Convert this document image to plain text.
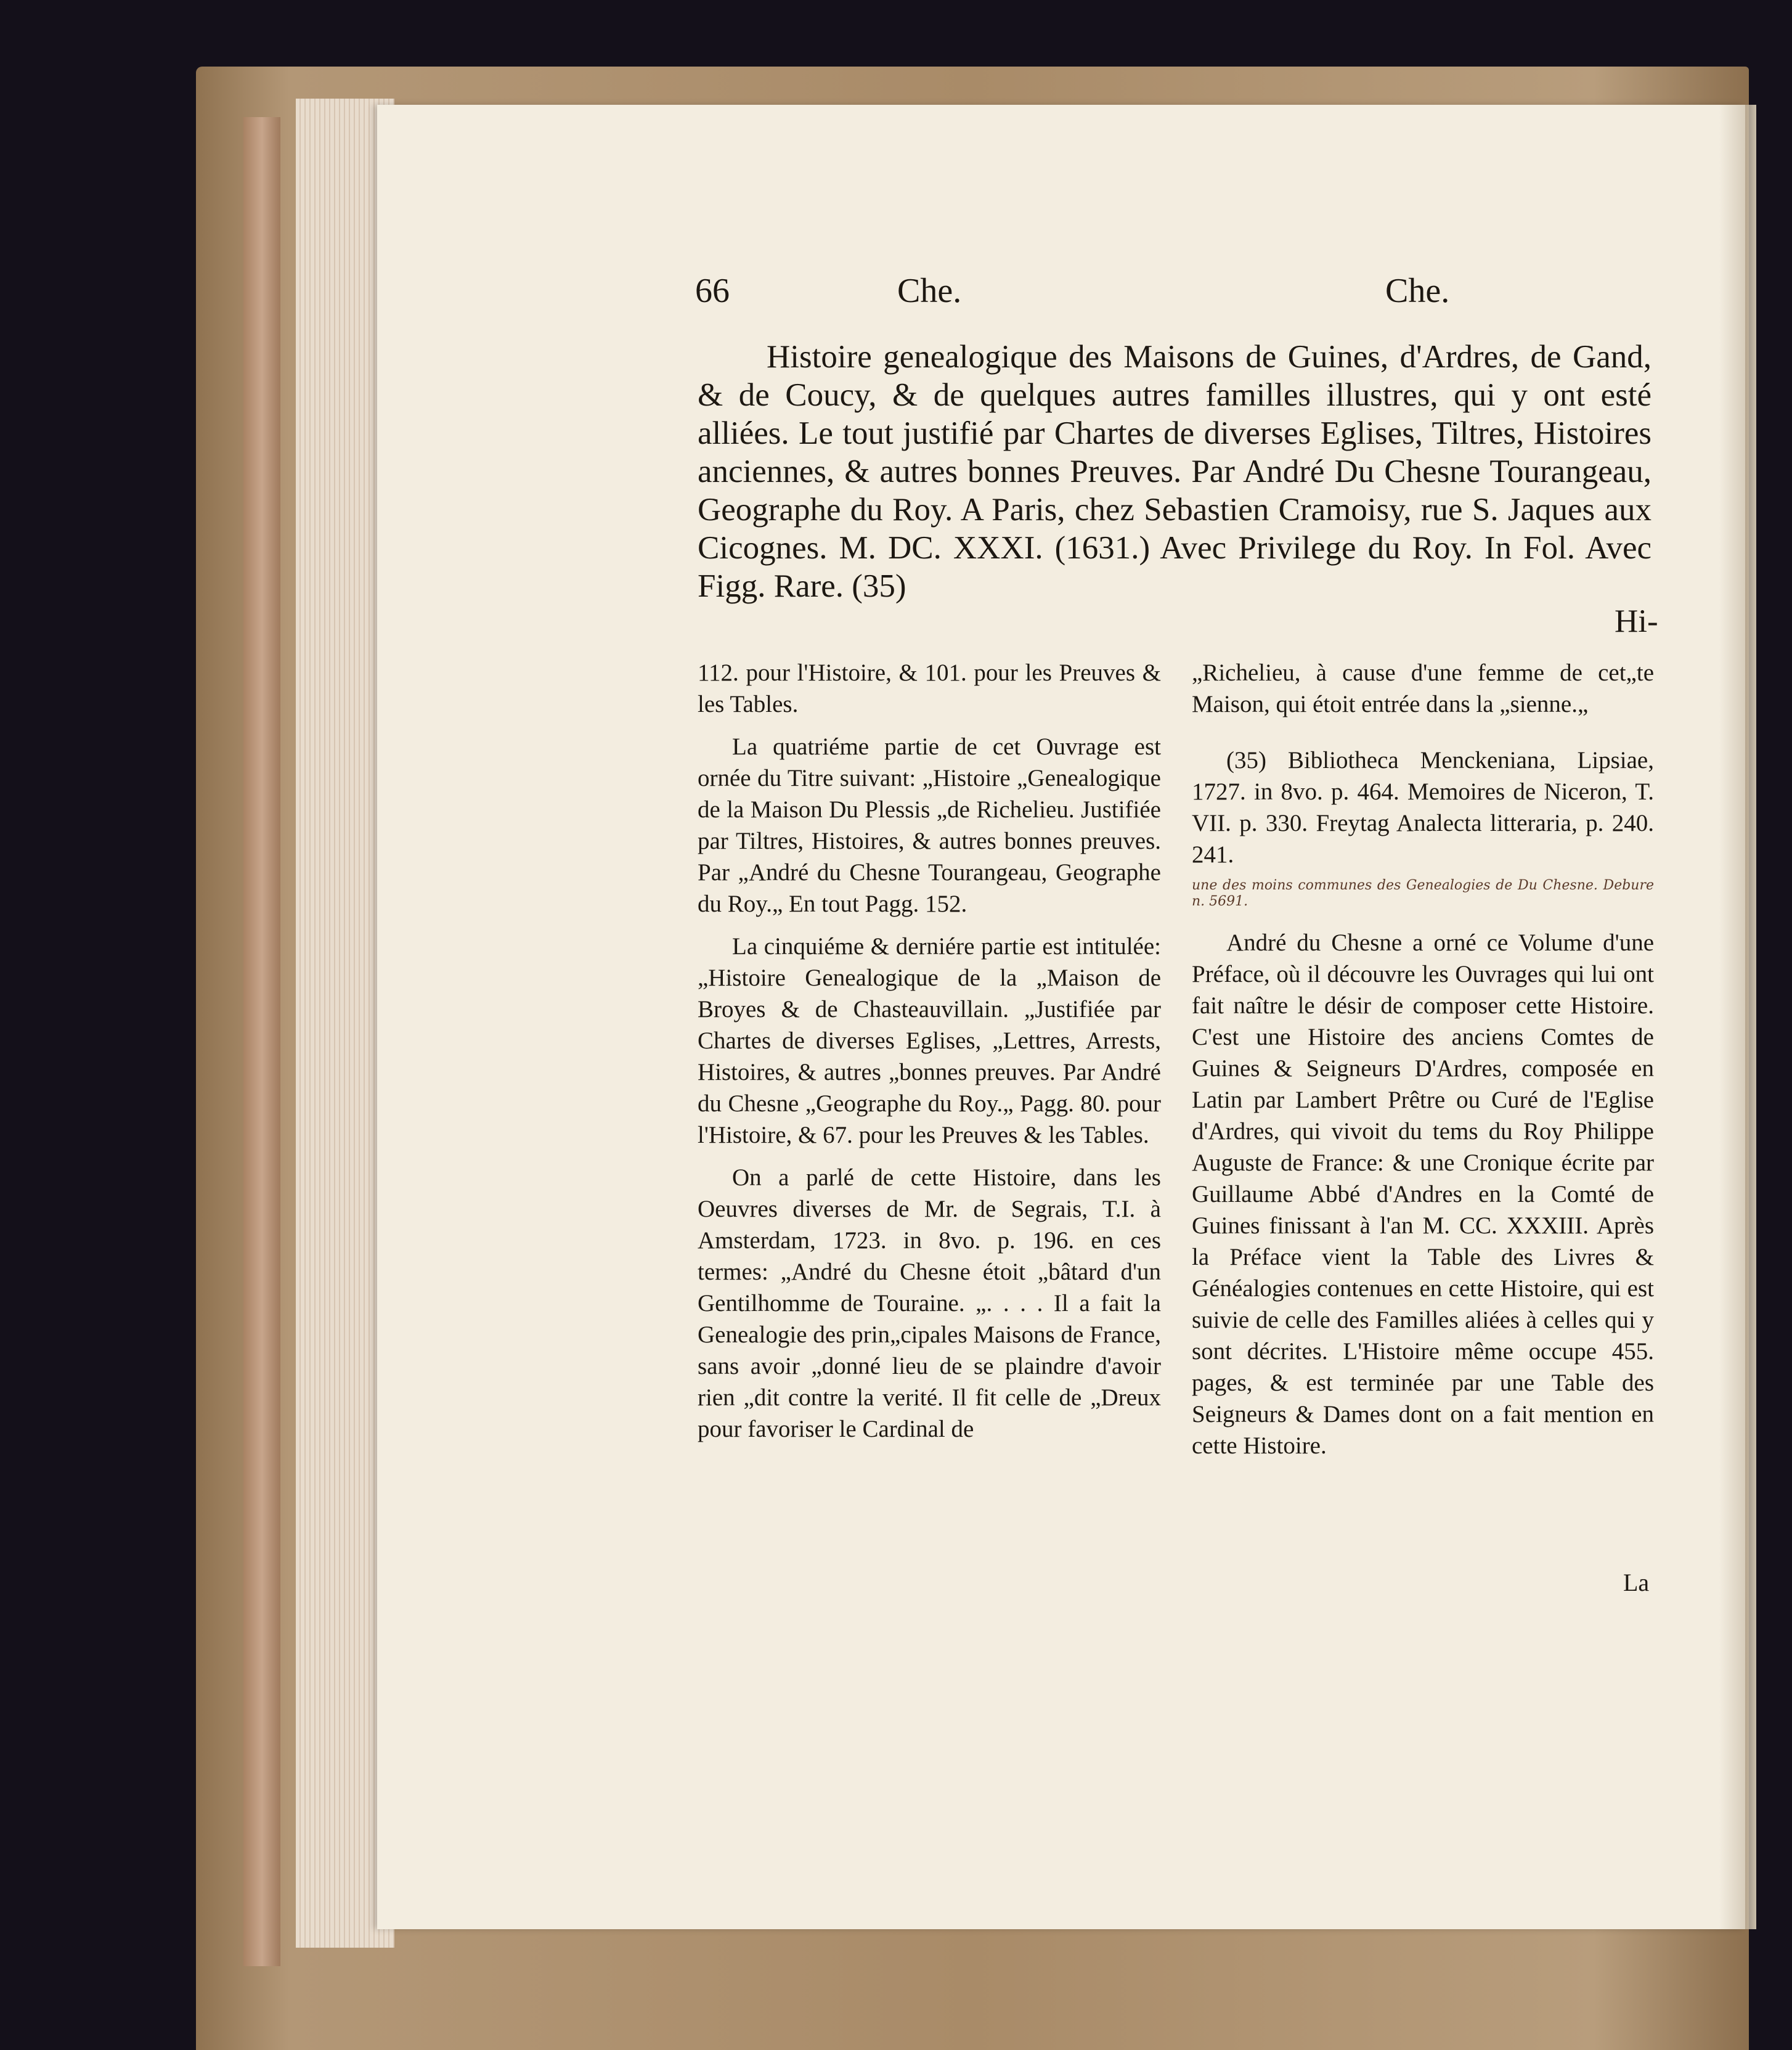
66	Che.	Che.
Histoire genealogique des Maisons de Guines, d'Ardres, de Gand, & de Coucy, & de quelques autres familles illustres, qui y ont esté alliées. Le tout justifié par Chartes de diverses Eglises, Tiltres, Histoires anciennes, & autres bonnes Preuves. Par André Du Chesne Tourangeau, Geographe du Roy. A Paris, chez Sebastien Cramoisy, rue S. Jaques aux Cicognes. M. DC. XXXI. (1631.) Avec Privilege du Roy. In Fol. Avec Figg. Rare. (35)
Hi-

112. pour l'Histoire, & 101. pour les Preuves & les Tables.

La quatriéme partie de cet Ouvrage est ornée du Titre suivant: „Histoire „Genealogique de la Maison Du Plessis „de Richelieu. Justifiée par Tiltres, Histoires, & autres bonnes preuves. Par „André du Chesne Tourangeau, Geographe du Roy.„ En tout Pagg. 152.

La cinquiéme & derniére partie est intitulée: „Histoire Genealogique de la „Maison de Broyes & de Chasteauvillain. „Justifiée par Chartes de diverses Eglises, „Lettres, Arrests, Histoires, & autres „bonnes preuves. Par André du Chesne „Geographe du Roy.„ Pagg. 80. pour l'Histoire, & 67. pour les Preuves & les Tables.

On a parlé de cette Histoire, dans les Oeuvres diverses de Mr. de Segrais, T.I. à Amsterdam, 1723. in 8vo. p. 196. en ces termes: „André du Chesne étoit „bâtard d'un Gentilhomme de Touraine. „. . . . Il a fait la Genealogie des prin„cipales Maisons de France, sans avoir „donné lieu de se plaindre d'avoir rien „dit contre la verité. Il fit celle de „Dreux pour favoriser le Cardinal de

„Richelieu, à cause d'une femme de cet„te Maison, qui étoit entrée dans la „sienne.„

(35) Bibliotheca Menckeniana, Lipsiae, 1727. in 8vo. p. 464. Memoires de Niceron, T. VII. p. 330. Freytag Analecta litteraria, p. 240. 241.

une des moins communes des Genealogies de Du Chesne. Debure n. 5691.

André du Chesne a orné ce Volume d'une Préface, où il découvre les Ouvrages qui lui ont fait naître le désir de composer cette Histoire. C'est une Histoire des anciens Comtes de Guines & Seigneurs D'Ardres, composée en Latin par Lambert Prêtre ou Curé de l'Eglise d'Ardres, qui vivoit du tems du Roy Philippe Auguste de France: & une Cronique écrite par Guillaume Abbé d'Andres en la Comté de Guines finissant à l'an M. CC. XXXIII. Après la Préface vient la Table des Livres & Généalogies contenues en cette Histoire, qui est suivie de celle des Familles aliées à celles qui y sont décrites. L'Histoire même occupe 455. pages, & est terminée par une Table des Seigneurs & Dames dont on a fait mention en cette Histoire.

La
